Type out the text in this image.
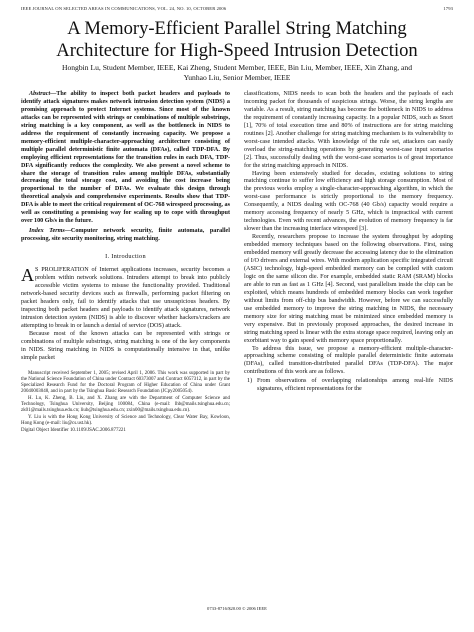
IEEE JOURNAL ON SELECTED AREAS IN COMMUNICATIONS, VOL. 24, NO. 10, OCTOBER 2006	1793
A Memory-Efficient Parallel String Matching Architecture for High-Speed Intrusion Detection
Hongbin Lu, Student Member, IEEE, Kai Zheng, Student Member, IEEE, Bin Liu, Member, IEEE, Xin Zhang, and
Yunhao Liu, Senior Member, IEEE

Abstract—The ability to inspect both packet headers and payloads to identify attack signatures makes network intrusion detection system (NIDS) a promising approach to protect Internet systems. Since most of the known attacks can be represented with strings or combinations of multiple substrings, string matching is a key component, as well as the bottleneck in NIDS to address the requirement of constantly increasing capacity. We propose a memory-efficient multiple-character-approaching architecture consisting of multiple parallel deterministic finite automata (DFAs), called TDP-DFA. By employing efficient representations for the transition rules in each DFA, TDP-DFA significantly reduces the complexity. We also present a novel scheme to share the storage of transition rules among multiple DFAs, substantially decreasing the total storage cost, and avoiding the cost increase being proportional to the number of DFAs. We evaluate this design through theoretical analysis and comprehensive experiments. Results show that TDP-DFA is able to meet the critical requirement of OC-768 wirespeed processing, as well as constituting a promising way for scaling up to cope with throughput over 100 Gb/s in the future.

Index Terms—Computer network security, finite automata, parallel processing, site security monitoring, string matching.

I. Introduction

A S PROLIFERATION of Internet applications increases, security becomes a problem within network solutions. Intruders attempt to break into publicly accessible victim systems to misuse the functionality provided. Traditional network-based security devices such as firewalls, performing packet filtering on packet headers only, fail to identify attacks that use unsuspicious headers. By inspecting both packet headers and payloads to identify attack signatures, network intrusion detection system (NIDS) is able to discover whether hackers/crackers are attempting to break in or launch a denial of service (DOS) attack.

Because most of the known attacks can be represented with strings or combinations of multiple substrings, string matching is one of the key components in NIDS. String matching in NIDS is computationally intensive in that, unlike simple packet

Manuscript received September 1, 2005; revised April 1, 2006. This work was supported in part by the National Science Foundation of China under Contract 60373007 and Contract 6057312, in part by the Specialized Research Fund for the Doctoral Program of Higher Education of China under Grant 20040003048, and in part by the Tsinghua Basic Research Foundation (JCpy2005054).

H. Lu, K. Zheng, B. Liu, and X. Zhang are with the Department of Computer Science and Technology, Tsinghua University, Beijing 100084, China (e-mail: lhb@mails.tsinghua.edu.cn; zk01@mails.tsinghua.edu.cn; liub@tsinghua.edu.cn; zxin00@mails.tsinghua.edu.cn).

Y. Liu is with the Hong Kong University of Science and Technology, Clear Water Bay, Kowloon, Hong Kong (e-mail: liu@cs.ust.hk).

Digital Object Identifier 10.1109/JSAC.2006.877221

classifications, NIDS needs to scan both the headers and the payloads of each incoming packet for thousands of suspicious strings. Worse, the string lengths are variable. As a result, string matching has become the bottleneck in NIDS to address the requirement of constantly increasing capacity. In a popular NIDS, such as Snort [1], 70% of total execution time and 80% of instructions are for string matching routines [2]. Another challenge for string matching mechanism is its vulnerability to worst-case intended attacks. With knowledge of the rule set, attackers can easily overload the string-matching operations by generating worst-case input scenarios [2]. Thus, successfully dealing with the worst-case scenarios is of great importance for the string matching approach in NIDS.

Having been extensively studied for decades, existing solutions to string matching continue to suffer low efficiency and high storage consumption. Most of the previous works employ a single-character-approaching algorithm, in which the worst-case performance is strictly proportional to the memory frequency. Consequently, a NIDS dealing with OC-768 (40 Gb/s) capacity would require a memory accessing frequency of nearly 5 GHz, which is impractical with current technologies. Even with recent advances, the evolution of memory frequency is far slower than the increasing interface wirespeed [3].

Recently, researchers propose to increase the system throughput by adopting embedded memory techniques based on the following observations. First, using embedded memory will greatly decrease the accessing latency due to the elimination of I/O drivers and external wires. With modern application specific integrated circuit (ASIC) technology, high-speed embedded memory can be compiled with custom logic on the same silicon die. For example, embedded static RAM (SRAM) blocks are able to run as fast as 1 GHz [4]. Second, vast parallelism inside the chip can be exploited, which means hundreds of embedded memory blocks can work together without limits from off-chip bus bandwidth. However, before we can successfully use embedded memory to improve the string matching in NIDS, the necessary memory size for string matching must be minimized since embedded memory is very expensive. But in previously proposed approaches, the desired increase in string matching speed is linear with the extra storage space required, leaving only an exorbitant way to gain speed with memory space proportionally.

To address this issue, we propose a memory-efficient multiple-character-approaching scheme consisting of multiple parallel deterministic finite automata (DFAs), called transition-distributed parallel DFAs (TDP-DFA). The major contributions of this work are as follows.

1) From observations of overlapping relationships among real-life NIDS signatures, efficient representations for the
0733-8716/$20.00 © 2006 IEEE
